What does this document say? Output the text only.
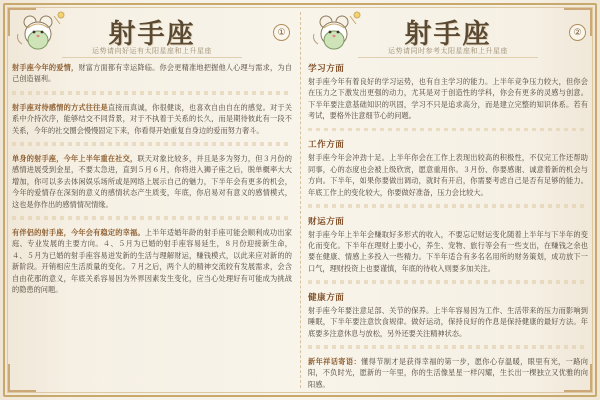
射手座
运势请向好运有太阳星座和上升星座
①

射手座今年的爱情，财富方面都有幸运降临。你会更精准地把握他人心理与需求，为自己创造福利。

射手座对待感情的方式往往是直接而真诚，你很健谈，也喜欢自由自在的感觉。对于关系中介持次序，能够结交不同背景，对于不执着于关系的长久，而是期待彼此有一段不关系，今年的社交圈会慢慢固定下来，你看得开始重复自身边的爱而努力奢斗。

单身的射手座，今年上半年重在社交，联天对象比较多，并且是多为努力，但３月份的感情进展受到金星，不要太急进，直到５月６月，你将进入狮子座之后，脱单概率大大增加，你可以多去体闲娱乐场所或是网络上展示自己的魅力，下半年会有更多的机会，今年的爱情存在深刻的意义的感情状态产生质变，年底，你启易对有意义的感情模式，这也是你作出的感情情况情缘。

有伴侣的射手座，今年会有稳定的幸福。上半年适婚年龄的射手座可能会顺利成功出家庭、专业发展的主要方向。４、５月为已婚的射手座容易延生，８月份迎接新生命，４、５月为已婚的射手座容易迸发新的生活与理解财运，赚钱模式，以此来应对新的的新阶段。开销相应生活质量的变化。７月之后，两个人的精神交流较有发展需求，会含自由花那的意义，年底关系容易因为外界因素发生变化，应当心处理好有可能成为挑战的隐患的问题。

射手座
运势请同时参考太阳星座和上升星座
②
学习方面

射手座今年有着良好的学习运势，也有自主学习的能力。上半年竞争压力较大，但你会在压力之下激发出更强的动力，尤其是对于创造性的学科，你会有更多的灵感与创意。下半年要注意基础知识的巩固，学习不只是追求高分，而是建立完整的知识体系。若有考试，要格外注意细节心的问题。

工作方面

射手座今年会冲劲十足。上半年你会在工作上表现出较高的积极性，不仅完工作还帮助同事，心的态度也会被上级欣赏，愿意重用你。３月份、你要感谢、诚意着新的机会与方向。下半年，如果你要做出调动，就时有开启，你需要考虑自己是否有足够的能力。年底工作上的变化较大，你要做好准备，压力会比较大。

财运方面

射手座今年上半年会赚取好多形式的收入，不要忘记财运变化随着上半年与下半年的变化而变化。下半年在理财上要小心，养生、宠物、旅行等会有一些支出，在赚钱之余也要在健康、情感上多投入一些精力。下半年适合有多名名用所的财务策划，成功放下一口气，理财投资上也要谨慎，年底的待收入则要多加关注。

健康方面

射手座今年要注意足部、关节的保养。上半年容易因为工作、生活带来的压力而影响到睡眠，下半年要注意饮食规律。做好运动，保持良好的作息是保持健康的最好方法。年底要多注意休息与放松，另外还要关注精神状态。

新年祥话寄语：懂得节制才是获得幸福的第一步，愿你心存温暖，眼里有光，一路向阳，不负时光，愿新的一年里，你的生活像星星一样闪耀，生长出一棵独立又优雅的向阳感。
